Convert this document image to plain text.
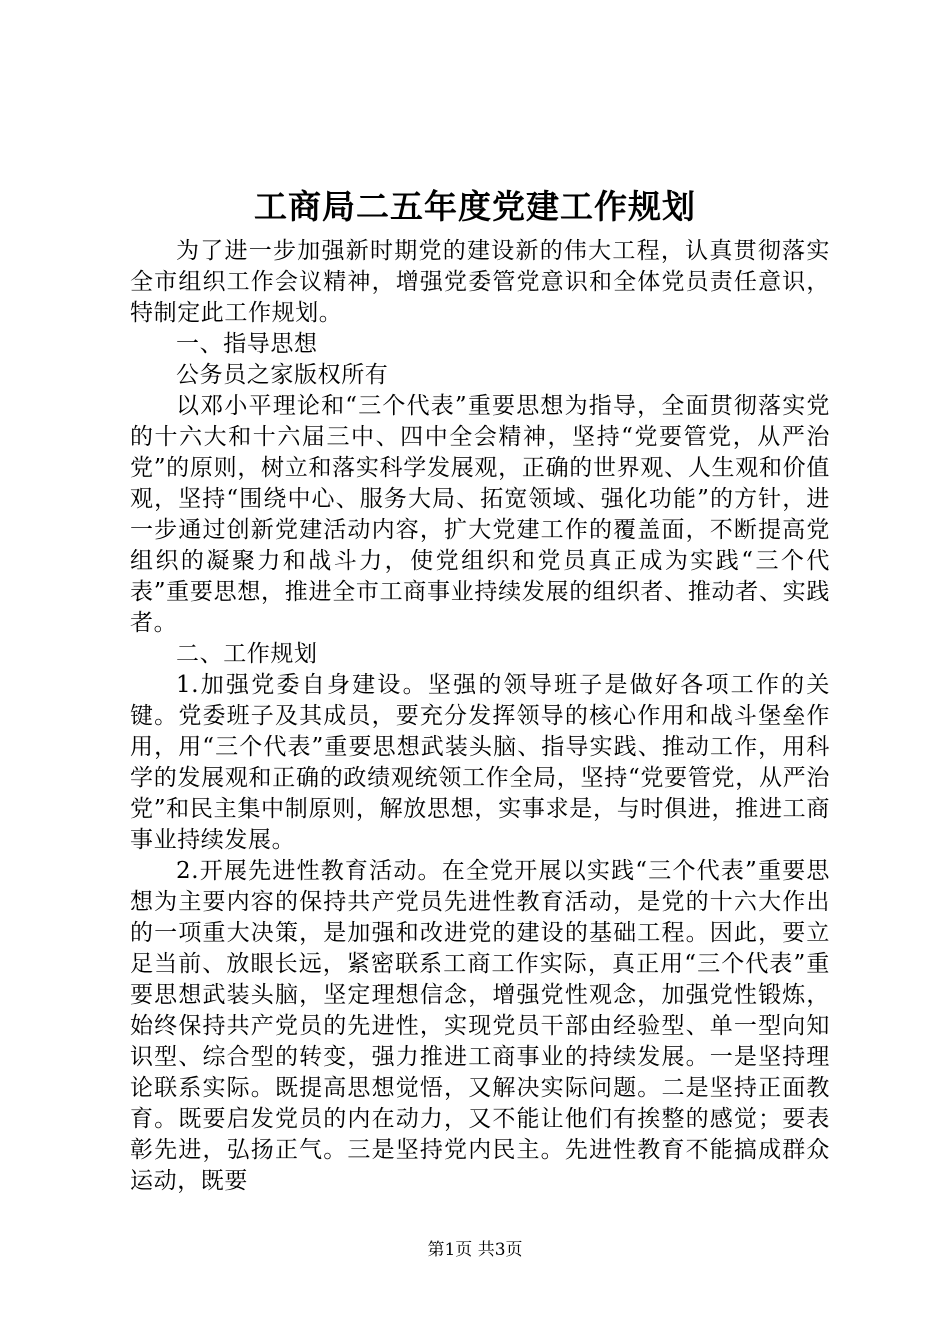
工商局二五年度党建工作规划

为了进一步加强新时期党的建设新的伟大工程，认真贯彻落实全市组织工作会议精神，增强党委管党意识和全体党员责任意识，特制定此工作规划。

一、指导思想

公务员之家版权所有

以邓小平理论和“三个代表”重要思想为指导，全面贯彻落实党的十六大和十六届三中、四中全会精神，坚持“党要管党，从严治党”的原则，树立和落实科学发展观，正确的世界观、人生观和价值观，坚持“围绕中心、服务大局、拓宽领域、强化功能”的方针，进一步通过创新党建活动内容，扩大党建工作的覆盖面，不断提高党组织的凝聚力和战斗力，使党组织和党员真正成为实践“三个代表”重要思想，推进全市工商事业持续发展的组织者、推动者、实践者。

二、工作规划

1.加强党委自身建设。坚强的领导班子是做好各项工作的关键。党委班子及其成员，要充分发挥领导的核心作用和战斗堡垒作用，用“三个代表”重要思想武装头脑、指导实践、推动工作，用科学的发展观和正确的政绩观统领工作全局，坚持“党要管党，从严治党”和民主集中制原则，解放思想，实事求是，与时俱进，推进工商事业持续发展。

2.开展先进性教育活动。在全党开展以实践“三个代表”重要思想为主要内容的保持共产党员先进性教育活动，是党的十六大作出的一项重大决策，是加强和改进党的建设的基础工程。因此，要立足当前、放眼长远，紧密联系工商工作实际，真正用“三个代表”重要思想武装头脑，坚定理想信念，增强党性观念，加强党性锻炼，始终保持共产党员的先进性，实现党员干部由经验型、单一型向知识型、综合型的转变，强力推进工商事业的持续发展。一是坚持理论联系实际。既提高思想觉悟，又解决实际问题。二是坚持正面教育。既要启发党员的内在动力，又不能让他们有挨整的感觉；要表彰先进，弘扬正气。三是坚持党内民主。先进性教育不能搞成群众运动，既要

第1页 共3页
